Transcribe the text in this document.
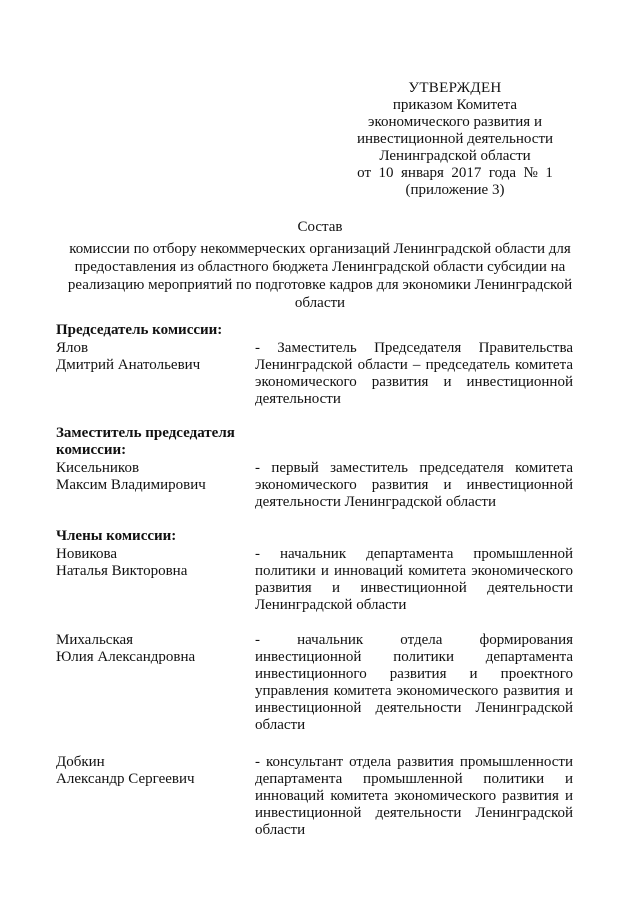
УТВЕРЖДЕН
приказом Комитета
экономического развития и
инвестиционной деятельности
Ленинградской области
от  10  января  2017  года  №  1
(приложение 3)
Состав
комиссии по отбору некоммерческих организаций Ленинградской области для предоставления из областного бюджета Ленинградской области субсидии на реализацию мероприятий по подготовке кадров для экономики Ленинградской области
Председатель комиссии:
Ялов
Дмитрий Анатольевич
- Заместитель Председателя Правительства Ленинградской области – председатель комитета экономического развития и инвестиционной деятельности
Заместитель председателя комиссии:
Кисельников
Максим Владимирович
- первый заместитель председателя комитета экономического развития и инвестиционной деятельности Ленинградской области
Члены комиссии:
Новикова
Наталья Викторовна
- начальник департамента промышленной политики и инноваций комитета экономического развития и инвестиционной деятельности Ленинградской области
Михальская
Юлия Александровна
- начальник отдела формирования инвестиционной политики департамента инвестиционного развития и проектного управления комитета экономического развития и инвестиционной деятельности Ленинградской области
Добкин
Александр Сергеевич
- консультант отдела развития промышленности департамента промышленной политики и инноваций комитета экономического развития и инвестиционной деятельности Ленинградской области
